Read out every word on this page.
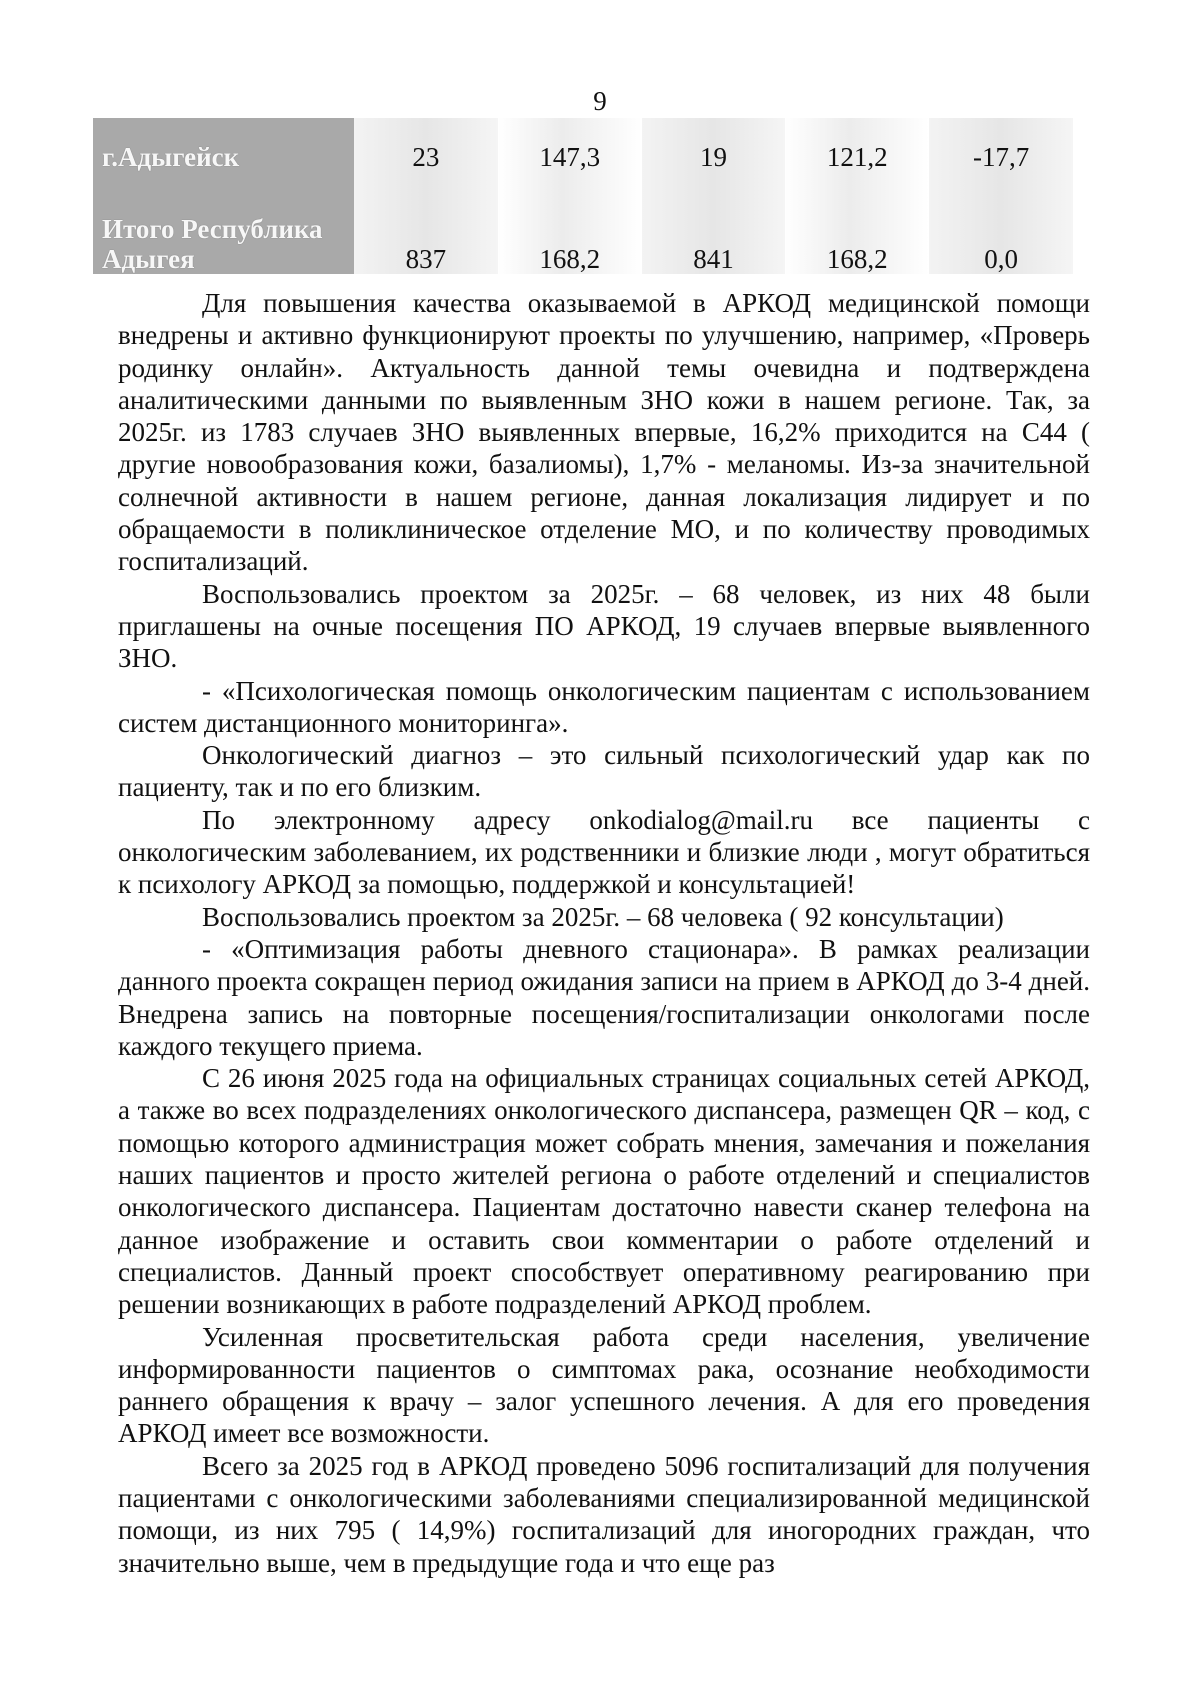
9
г.Адыгейск	23	147,3	19	121,2	-17,7
Итого Республика Адыгея	837	168,2	841	168,2	0,0

Для повышения качества оказываемой в АРКОД медицинской помощи внедрены и активно функционируют проекты по улучшению, например, «Проверь родинку онлайн». Актуальность данной темы очевидна и подтверждена аналитическими данными по выявленным ЗНО кожи в нашем регионе. Так, за 2025г. из 1783 случаев ЗНО выявленных впервые, 16,2% приходится на С44 ( другие новообразования кожи, базалиомы), 1,7% - меланомы. Из-за значительной солнечной активности в нашем регионе, данная локализация лидирует и по обращаемости в поликлиническое отделение МО, и по количеству проводимых госпитализаций.

Воспользовались проектом за 2025г. – 68 человек, из них 48 были приглашены на очные посещения ПО АРКОД, 19 случаев впервые выявленного ЗНО.

- «Психологическая помощь онкологическим пациентам с использованием систем дистанционного мониторинга».

Онкологический диагноз – это сильный психологический удар как по пациенту, так и по его близким.

По электронному адресу onkodialog@mail.ru все пациенты с онкологическим заболеванием, их родственники и близкие люди , могут обратиться к психологу АРКОД за помощью, поддержкой и консультацией!

Воспользовались проектом за 2025г. – 68 человека ( 92 консультации)

- «Оптимизация работы дневного стационара». В рамках реализации данного проекта сокращен период ожидания записи на прием в АРКОД до 3-4 дней. Внедрена запись на повторные посещения/госпитализации онкологами после каждого текущего приема.

С 26 июня 2025 года на официальных страницах социальных сетей АРКОД, а также во всех подразделениях онкологического диспансера, размещен QR – код, с помощью которого администрация может собрать мнения, замечания и пожелания наших пациентов и просто жителей региона о работе отделений и специалистов онкологического диспансера. Пациентам достаточно навести сканер телефона на данное изображение и оставить свои комментарии о работе отделений и специалистов. Данный проект способствует оперативному реагированию при решении возникающих в работе подразделений АРКОД проблем.

Усиленная просветительская работа среди населения, увеличение информированности пациентов о симптомах рака, осознание необходимости раннего обращения к врачу – залог успешного лечения. А для его проведения АРКОД имеет все возможности.

Всего за 2025 год в АРКОД проведено 5096 госпитализаций для получения пациентами с онкологическими заболеваниями специализированной медицинской помощи, из них 795 ( 14,9%) госпитализаций для иногородних граждан, что значительно выше, чем в предыдущие года и что еще раз
